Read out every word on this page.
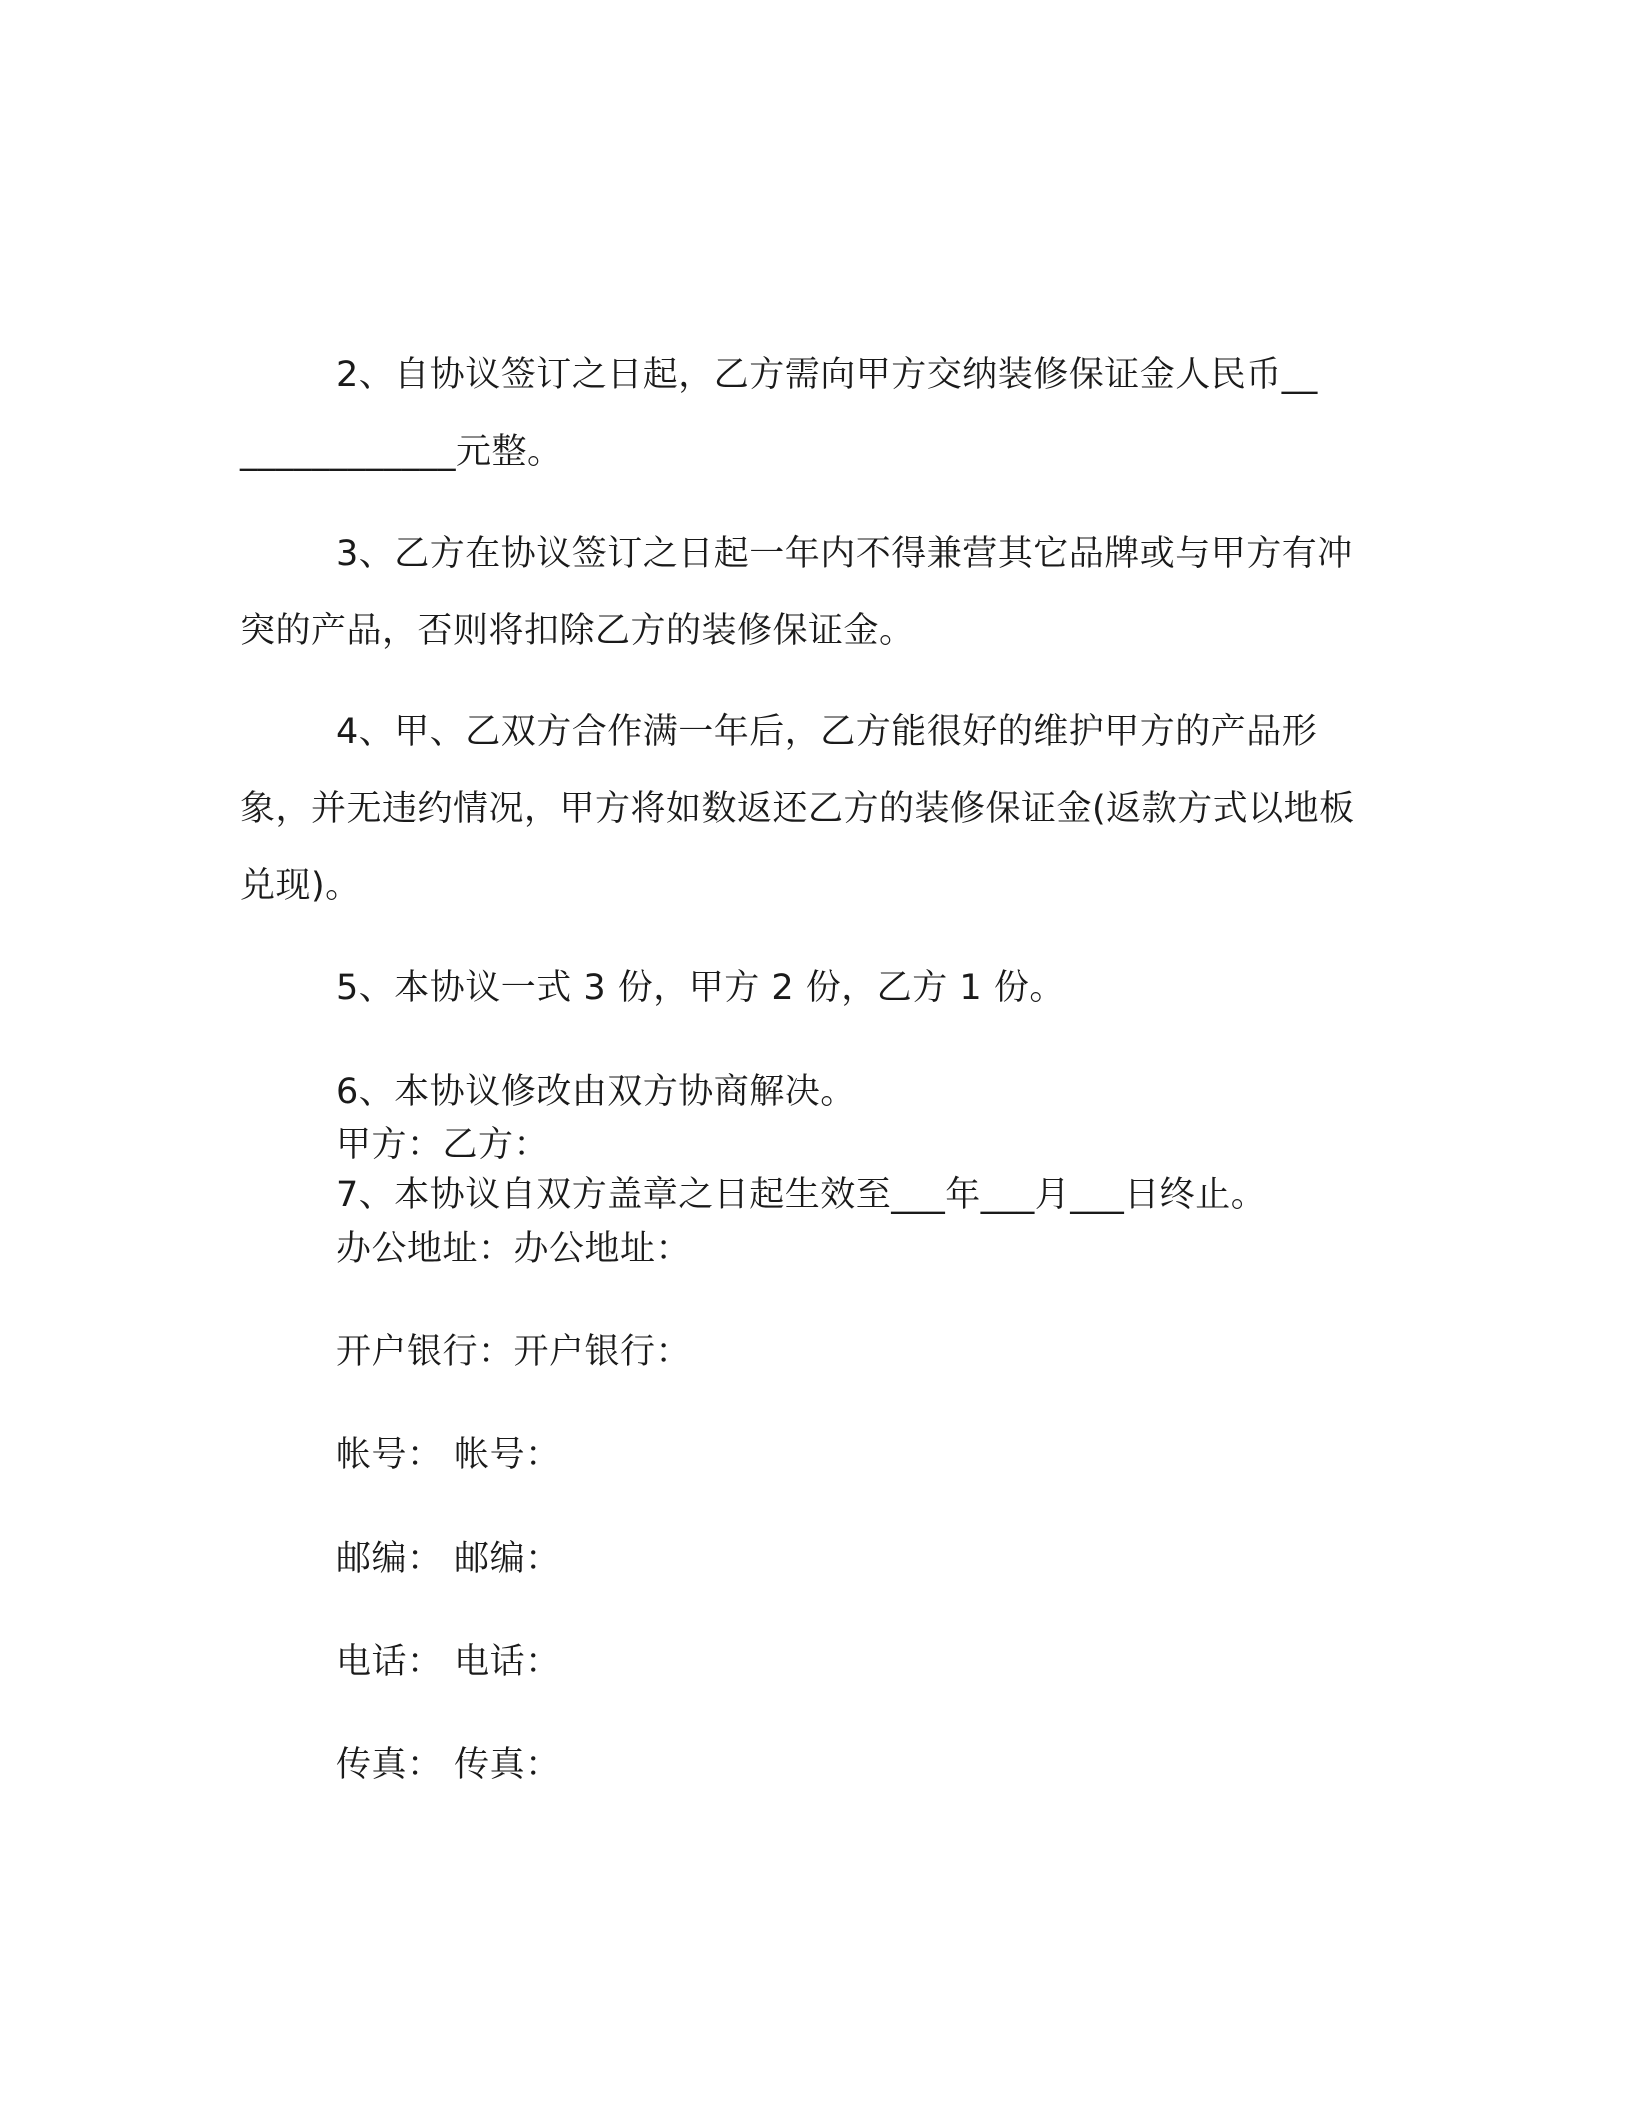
2、自协议签订之日起，乙方需向甲方交纳装修保证金人民币______________元整。

3、乙方在协议签订之日起一年内不得兼营其它品牌或与甲方有冲突的产品，否则将扣除乙方的装修保证金。

4、甲、乙双方合作满一年后，乙方能很好的维护甲方的产品形象，并无违约情况，甲方将如数返还乙方的装修保证金(返款方式以地板兑现)。

5、本协议一式 3 份，甲方 2 份，乙方 1 份。

6、本协议修改由双方协商解决。

7、本协议自双方盖章之日起生效至___年___月___日终止。

甲方：乙方：
办公地址：办公地址：
开户银行：开户银行：
帐号： 帐号：
邮编： 邮编：
电话： 电话：
传真： 传真：
